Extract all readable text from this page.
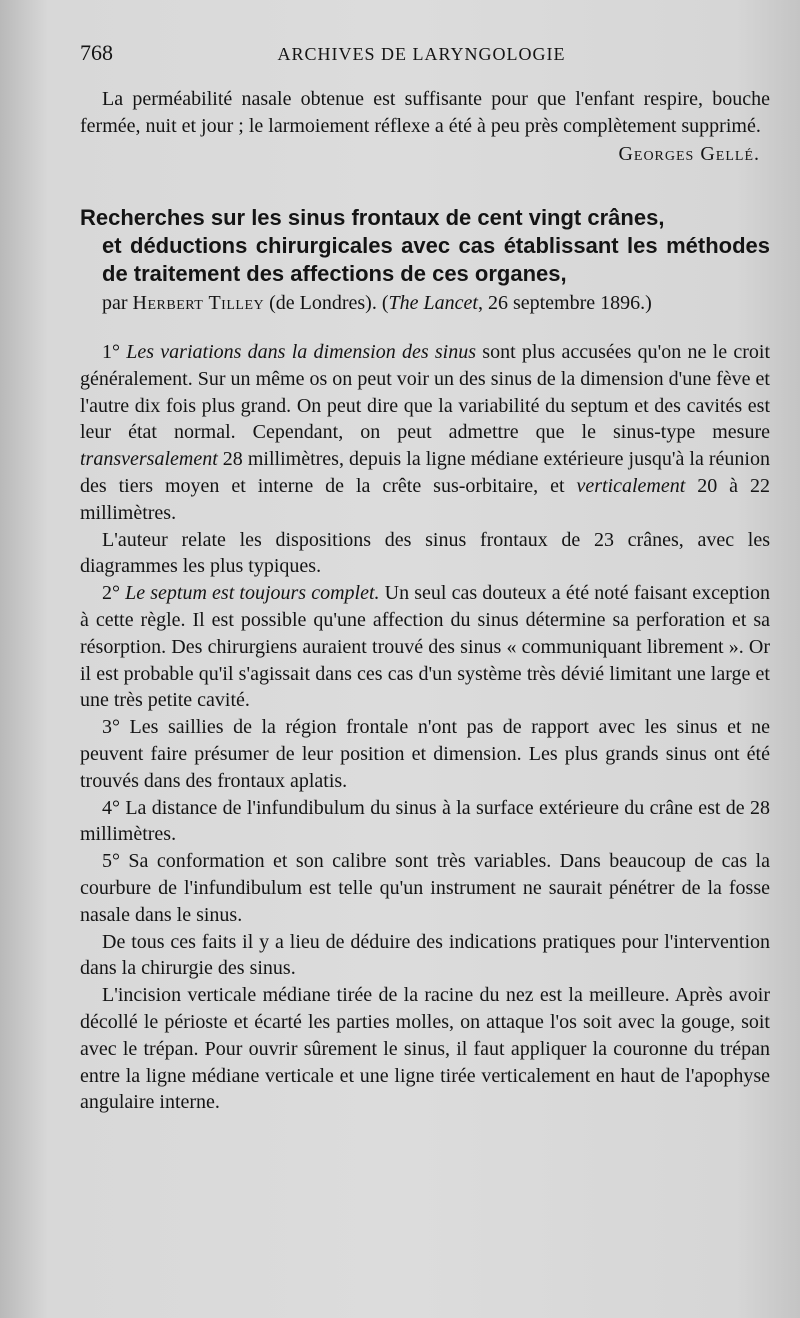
768	ARCHIVES DE LARYNGOLOGIE

La perméabilité nasale obtenue est suffisante pour que l'enfant respire, bouche fermée, nuit et jour ; le larmoiement réflexe a été à peu près complètement supprimé.

Georges Gellé.
Recherches sur les sinus frontaux de cent vingt crânes,
et déductions chirurgicales avec cas établissant les méthodes de traitement des affections de ces organes,
par Herbert Tilley (de Londres). (The Lancet, 26 septembre 1896.)

1° Les variations dans la dimension des sinus sont plus accusées qu'on ne le croit généralement. Sur un même os on peut voir un des sinus de la dimension d'une fève et l'autre dix fois plus grand. On peut dire que la variabilité du septum et des cavités est leur état normal. Cependant, on peut admettre que le sinus-type mesure transversalement 28 millimètres, depuis la ligne médiane extérieure jusqu'à la réunion des tiers moyen et interne de la crête sus-orbitaire, et verticalement 20 à 22 millimètres.

L'auteur relate les dispositions des sinus frontaux de 23 crânes, avec les diagrammes les plus typiques.

2° Le septum est toujours complet. Un seul cas douteux a été noté faisant exception à cette règle. Il est possible qu'une affection du sinus détermine sa perforation et sa résorption. Des chirurgiens auraient trouvé des sinus « communiquant librement ». Or il est probable qu'il s'agissait dans ces cas d'un système très dévié limitant une large et une très petite cavité.

3° Les saillies de la région frontale n'ont pas de rapport avec les sinus et ne peuvent faire présumer de leur position et dimension. Les plus grands sinus ont été trouvés dans des frontaux aplatis.

4° La distance de l'infundibulum du sinus à la surface extérieure du crâne est de 28 millimètres.

5° Sa conformation et son calibre sont très variables. Dans beaucoup de cas la courbure de l'infundibulum est telle qu'un instrument ne saurait pénétrer de la fosse nasale dans le sinus.

De tous ces faits il y a lieu de déduire des indications pratiques pour l'intervention dans la chirurgie des sinus.

L'incision verticale médiane tirée de la racine du nez est la meilleure. Après avoir décollé le périoste et écarté les parties molles, on attaque l'os soit avec la gouge, soit avec le trépan. Pour ouvrir sûrement le sinus, il faut appliquer la couronne du trépan entre la ligne médiane verticale et une ligne tirée verticalement en haut de l'apophyse angulaire interne.
